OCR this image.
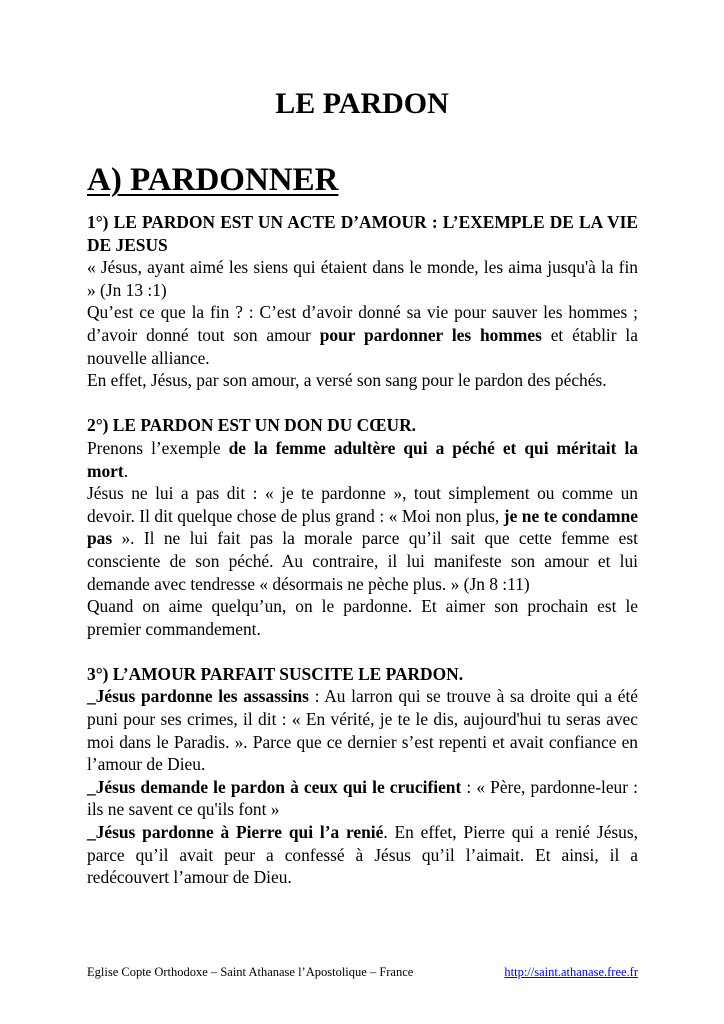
LE PARDON
A) PARDONNER

1°) LE PARDON EST UN ACTE D’AMOUR : L’EXEMPLE DE LA VIE DE JESUS

« Jésus, ayant aimé les siens qui étaient dans le monde, les aima jusqu'à la fin » (Jn 13 :1)

Qu’est ce que la fin ? : C’est d’avoir donné sa vie pour sauver les hommes ; d’avoir donné tout son amour pour pardonner les hommes et établir la nouvelle alliance.

En effet, Jésus, par son amour, a versé son sang pour le pardon des péchés.

2°) LE PARDON EST UN DON DU CŒUR.

Prenons l’exemple de la femme adultère qui a péché et qui méritait la mort.

Jésus ne lui a pas dit : « je te pardonne », tout simplement ou comme un devoir. Il dit quelque chose de plus grand : « Moi non plus, je ne te condamne pas ». Il ne lui fait pas la morale parce qu’il sait que cette femme est consciente de son péché. Au contraire, il lui manifeste son amour et lui demande avec tendresse « désormais ne pèche plus. » (Jn 8 :11)

Quand on aime quelqu’un, on le pardonne. Et aimer son prochain est le premier commandement.

3°) L’AMOUR PARFAIT SUSCITE LE PARDON.

_Jésus pardonne les assassins : Au larron qui se trouve à sa droite qui a été puni pour ses crimes, il dit : « En vérité, je te le dis, aujourd'hui tu seras avec moi dans le Paradis. ». Parce que ce dernier s’est repenti et avait confiance en l’amour de Dieu.

_Jésus demande le pardon à ceux qui le crucifient : « Père, pardonne-leur : ils ne savent ce qu'ils font »

_Jésus pardonne à Pierre qui l’a renié. En effet, Pierre qui a renié Jésus, parce qu’il avait peur a confessé à Jésus qu’il l’aimait. Et ainsi, il a redécouvert l’amour de Dieu.

Eglise Copte Orthodoxe – Saint Athanase l’Apostolique – France	http://saint.athanase.free.fr
